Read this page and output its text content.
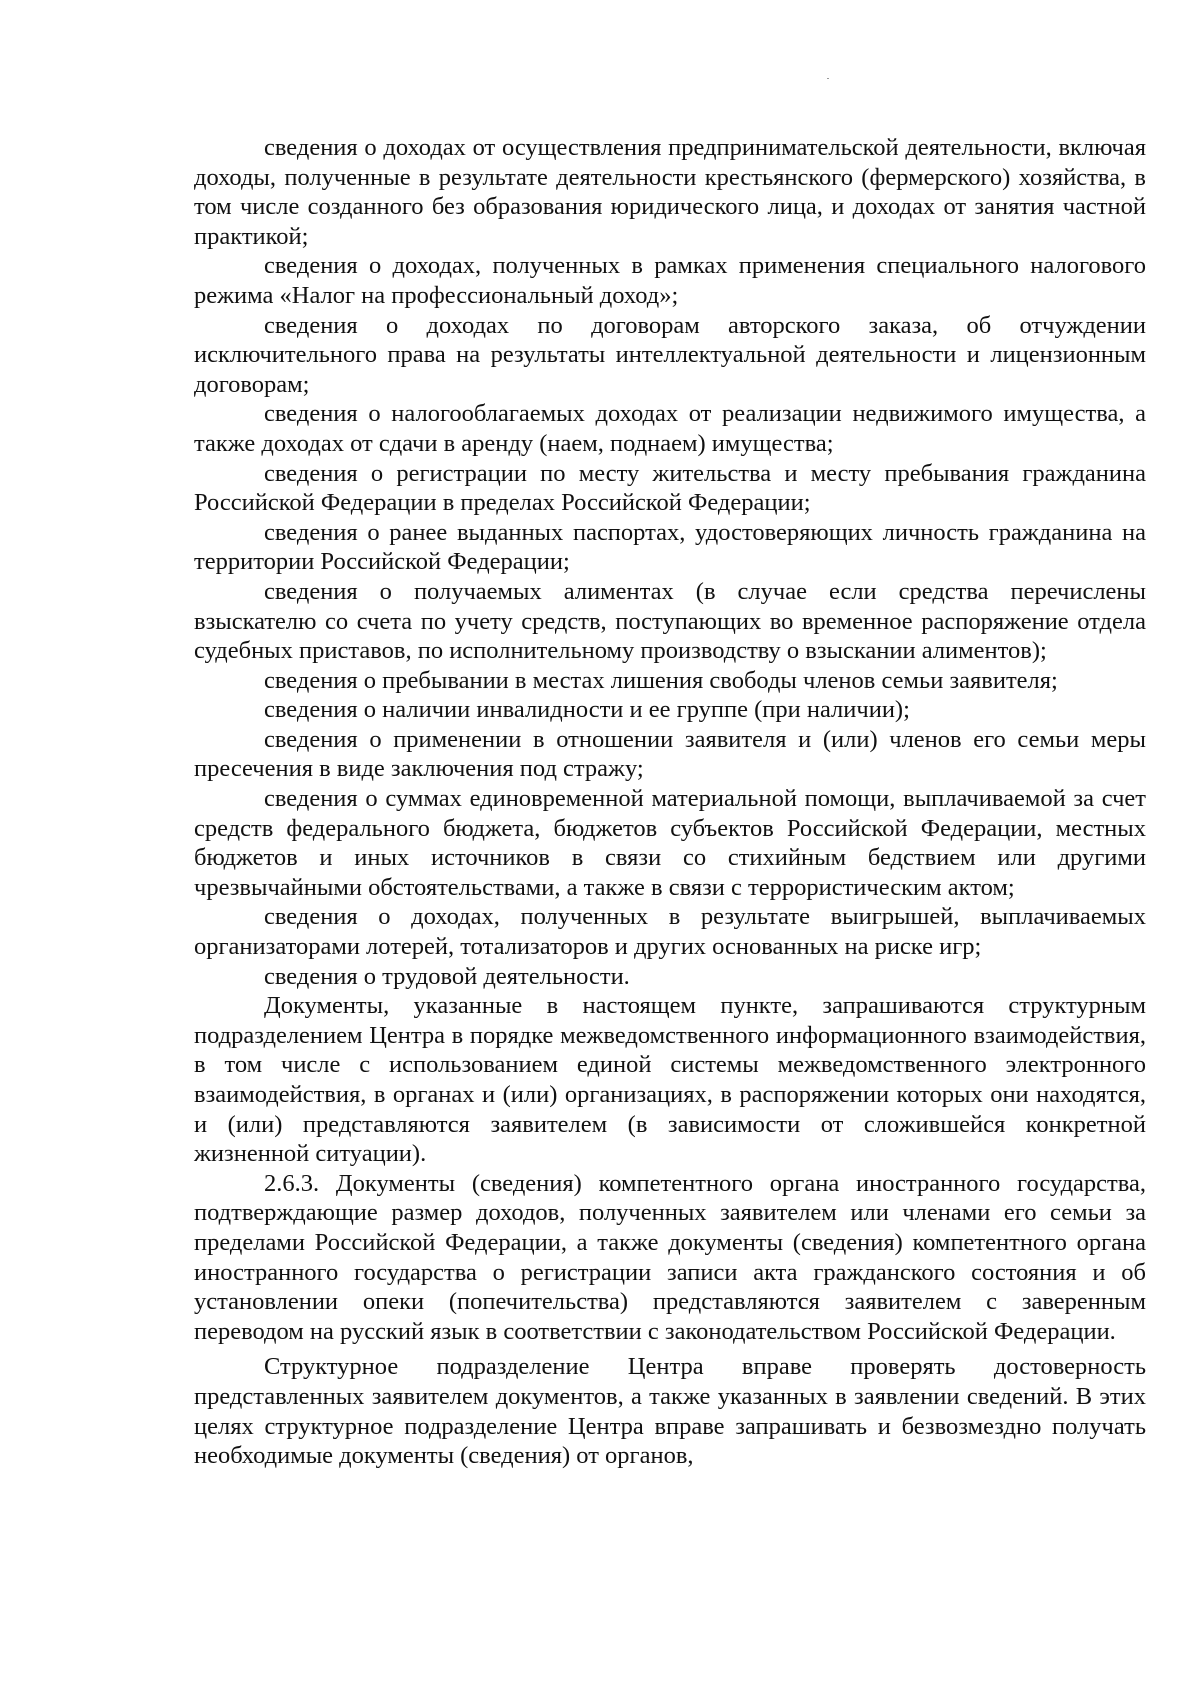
сведения о доходах от осуществления предпринимательской деятельности, включая доходы, полученные в результате деятельности крестьянского (фермерского) хозяйства, в том числе созданного без образования юридического лица, и доходах от занятия частной практикой;

сведения о доходах, полученных в рамках применения специального налогового режима «Налог на профессиональный доход»;

сведения о доходах по договорам авторского заказа, об отчуждении исключительного права на результаты интеллектуальной деятельности и лицензионным договорам;

сведения о налогооблагаемых доходах от реализации недвижимого имущества, а также доходах от сдачи в аренду (наем, поднаем) имущества;

сведения о регистрации по месту жительства и месту пребывания гражданина Российской Федерации в пределах Российской Федерации;

сведения о ранее выданных паспортах, удостоверяющих личность гражданина на территории Российской Федерации;

сведения о получаемых алиментах (в случае если средства перечислены взыскателю со счета по учету средств, поступающих во временное распоряжение отдела судебных приставов, по исполнительному производству о взыскании алиментов);

сведения о пребывании в местах лишения свободы членов семьи заявителя;

сведения о наличии инвалидности и ее группе (при наличии);

сведения о применении в отношении заявителя и (или) членов его семьи меры пресечения в виде заключения под стражу;

сведения о суммах единовременной материальной помощи, выплачиваемой за счет средств федерального бюджета, бюджетов субъектов Российской Федерации, местных бюджетов и иных источников в связи со стихийным бедствием или другими чрезвычайными обстоятельствами, а также в связи с террористическим актом;

сведения о доходах, полученных в результате выигрышей, выплачиваемых организаторами лотерей, тотализаторов и других основанных на риске игр;

сведения о трудовой деятельности.

Документы, указанные в настоящем пункте, запрашиваются структурным подразделением Центра в порядке межведомственного информационного взаимодействия, в том числе с использованием единой системы межведомственного электронного взаимодействия, в органах и (или) организациях, в распоряжении которых они находятся, и (или) представляются заявителем (в зависимости от сложившейся конкретной жизненной ситуации).

2.6.3. Документы (сведения) компетентного органа иностранного государства, подтверждающие размер доходов, полученных заявителем или членами его семьи за пределами Российской Федерации, а также документы (сведения) компетентного органа иностранного государства о регистрации записи акта гражданского состояния и об установлении опеки (попечительства) представляются заявителем с заверенным переводом на русский язык в соответствии с законодательством Российской Федерации.

Структурное подразделение Центра вправе проверять достоверность представленных заявителем документов, а также указанных в заявлении сведений. В этих целях структурное подразделение Центра вправе запрашивать и безвозмездно получать необходимые документы (сведения) от органов,
